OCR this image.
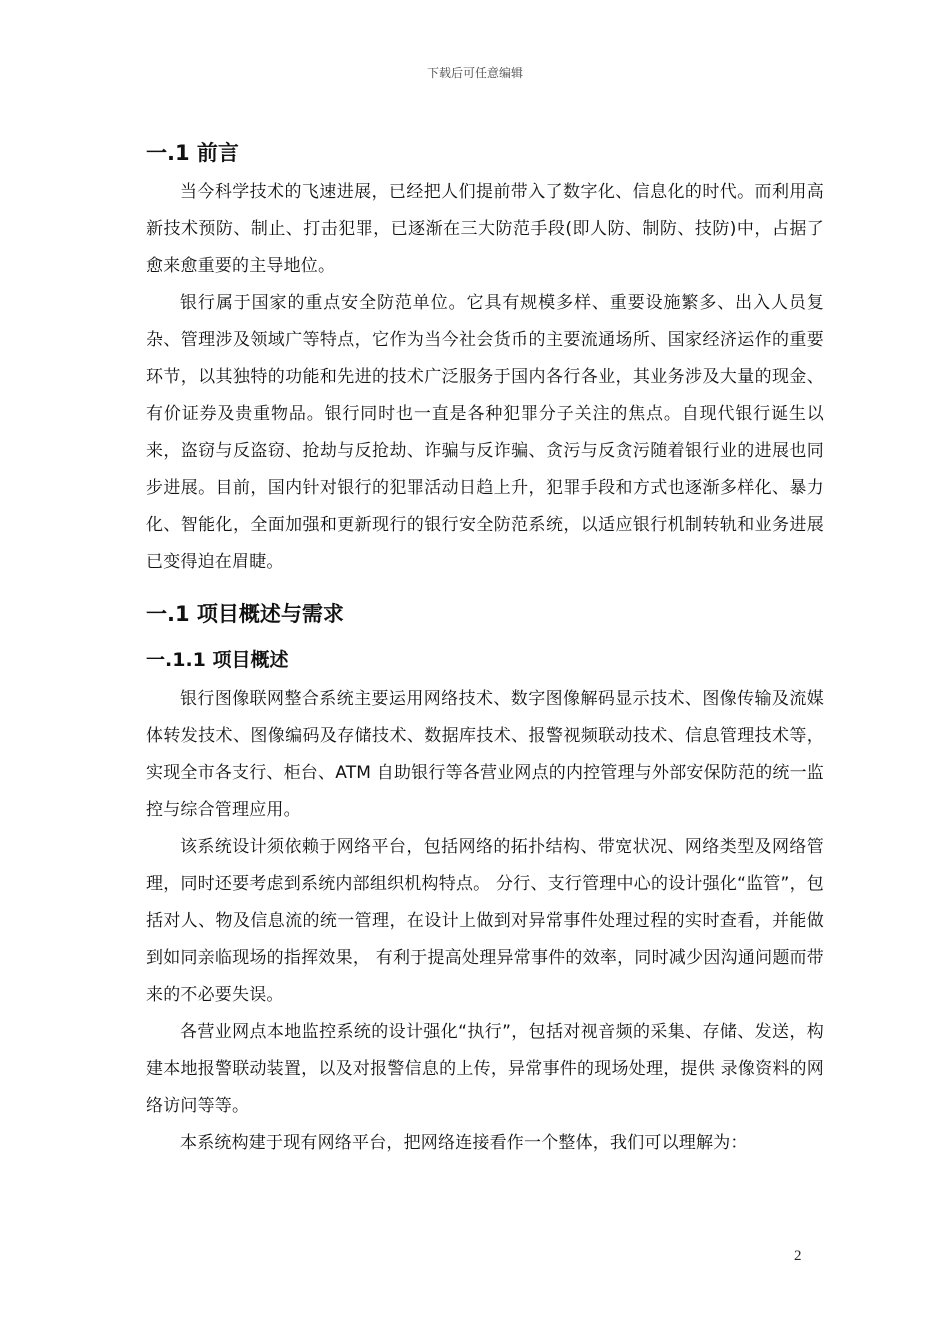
下载后可任意编辑
一.1 前言

当今科学技术的飞速进展，已经把人们提前带入了数字化、信息化的时代。而利用高新技术预防、制止、打击犯罪，已逐渐在三大防范手段(即人防、制防、技防)中，占据了愈来愈重要的主导地位。

银行属于国家的重点安全防范单位。它具有规模多样、重要设施繁多、出入人员复杂、管理涉及领域广等特点，它作为当今社会货币的主要流通场所、国家经济运作的重要环节，以其独特的功能和先进的技术广泛服务于国内各行各业，其业务涉及大量的现金、有价证券及贵重物品。银行同时也一直是各种犯罪分子关注的焦点。自现代银行诞生以来，盗窃与反盗窃、抢劫与反抢劫、诈骗与反诈骗、贪污与反贪污随着银行业的进展也同步进展。目前，国内针对银行的犯罪活动日趋上升，犯罪手段和方式也逐渐多样化、暴力化、智能化，全面加强和更新现行的银行安全防范系统，以适应银行机制转轨和业务进展已变得迫在眉睫。

一.1 项目概述与需求
一.1.1 项目概述

银行图像联网整合系统主要运用网络技术、数字图像解码显示技术、图像传输及流媒体转发技术、图像编码及存储技术、数据库技术、报警视频联动技术、信息管理技术等，实现全市各支行、柜台、ATM 自助银行等各营业网点的内控管理与外部安保防范的统一监控与综合管理应用。

该系统设计须依赖于网络平台，包括网络的拓扑结构、带宽状况、网络类型及网络管理，同时还要考虑到系统内部组织机构特点。 分行、支行管理中心的设计强化“监管”，包括对人、物及信息流的统一管理，在设计上做到对异常事件处理过程的实时查看，并能做到如同亲临现场的指挥效果， 有利于提高处理异常事件的效率，同时减少因沟通问题而带来的不必要失误。

各营业网点本地监控系统的设计强化“执行”，包括对视音频的采集、存储、发送，构建本地报警联动装置，以及对报警信息的上传，异常事件的现场处理，提供 录像资料的网络访问等等。

本系统构建于现有网络平台，把网络连接看作一个整体，我们可以理解为：

2
